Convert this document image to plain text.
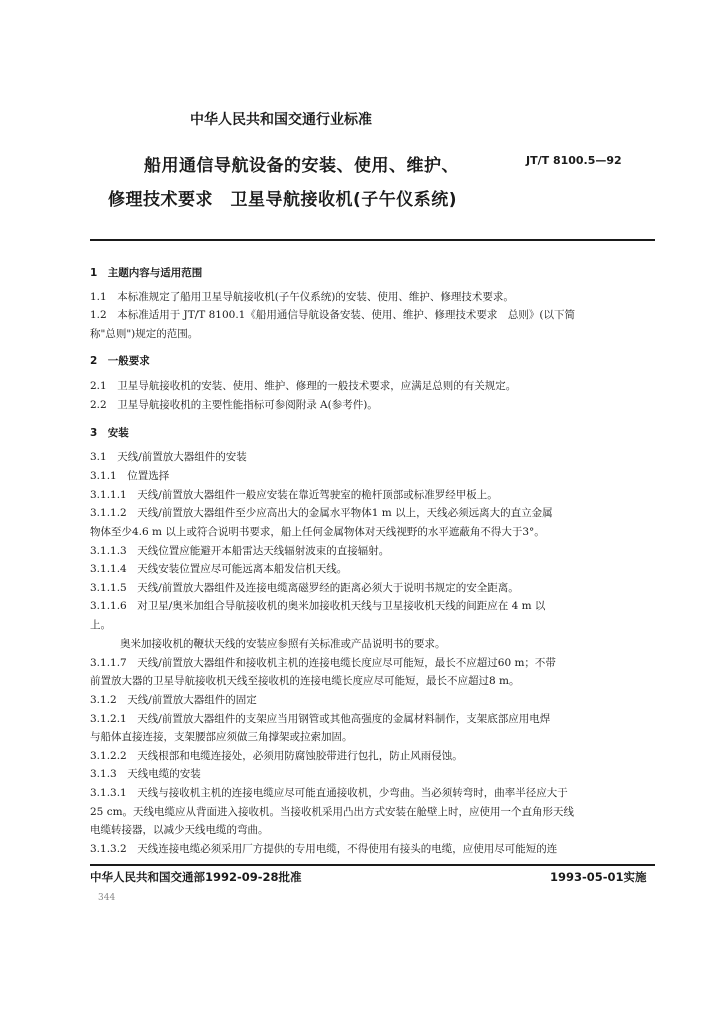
中华人民共和国交通行业标准
JT/T 8100.5—92
船用通信导航设备的安装、使用、维护、
修理技术要求　卫星导航接收机(子午仪系统)
1　主题内容与适用范围
1.1　本标准规定了船用卫星导航接收机(子午仪系统)的安装、使用、维护、修理技术要求。
1.2　本标准适用于 JT/T 8100.1《船用通信导航设备安装、使用、维护、修理技术要求　总则》(以下简
称"总则")规定的范围。
2　一般要求
2.1　卫星导航接收机的安装、使用、维护、修理的一般技术要求，应满足总则的有关规定。
2.2　卫星导航接收机的主要性能指标可参阅附录 A(参考件)。
3　安装
3.1　天线/前置放大器组件的安装
3.1.1　位置选择
3.1.1.1　天线/前置放大器组件一般应安装在靠近驾驶室的桅杆顶部或标准罗经甲板上。
3.1.1.2　天线/前置放大器组件至少应高出大的金属水平物体1 m 以上，天线必须远离大的直立金属
物体至少4.6 m 以上或符合说明书要求，船上任何金属物体对天线视野的水平遮蔽角不得大于3°。
3.1.1.3　天线位置应能避开本船雷达天线辐射波束的直接辐射。
3.1.1.4　天线安装位置应尽可能远离本船发信机天线。
3.1.1.5　天线/前置放大器组件及连接电缆离磁罗经的距离必须大于说明书规定的安全距离。
3.1.1.6　对卫星/奥米加组合导航接收机的奥米加接收机天线与卫星接收机天线的间距应在 4 m 以
上。
奥米加接收机的鞭状天线的安装应参照有关标准或产品说明书的要求。
3.1.1.7　天线/前置放大器组件和接收机主机的连接电缆长度应尽可能短，最长不应超过60 m；不带
前置放大器的卫星导航接收机天线至接收机的连接电缆长度应尽可能短，最长不应超过8 m。
3.1.2　天线/前置放大器组件的固定
3.1.2.1　天线/前置放大器组件的支架应当用钢管或其他高强度的金属材料制作，支架底部应用电焊
与船体直接连接，支架腰部应须做三角撑架或拉索加固。
3.1.2.2　天线根部和电缆连接处，必须用防腐蚀胶带进行包扎，防止风雨侵蚀。
3.1.3　天线电缆的安装
3.1.3.1　天线与接收机主机的连接电缆应尽可能直通接收机，少弯曲。当必须转弯时，曲率半径应大于
25 cm。天线电缆应从背面进入接收机。当接收机采用凸出方式安装在舱壁上时，应使用一个直角形天线
电缆转接器，以减少天线电缆的弯曲。
3.1.3.2　天线连接电缆必须采用厂方提供的专用电缆，不得使用有接头的电缆，应使用尽可能短的连
中华人民共和国交通部1992-09-28批准	1993-05-01实施
344
